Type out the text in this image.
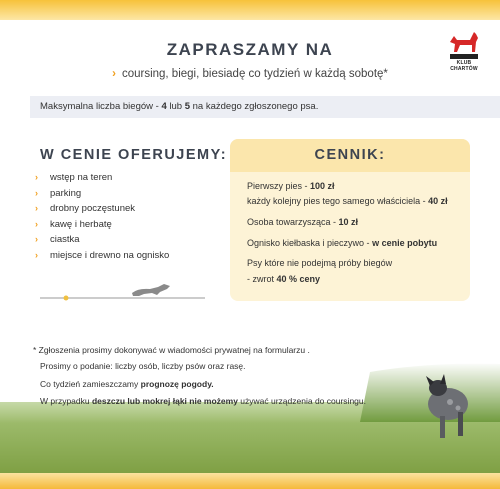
KLUB CHARTÓW
ZAPRASZAMY NA
› coursing, biegi, biesiadę co tydzień w każdą sobotę*
Maksymalna liczba biegów - 4 lub 5 na każdego zgłoszonego psa.
W CENIE OFERUJEMY:
›	wstęp na teren
›	parking
›	drobny poczęstunek
›	kawę i herbatę
›	ciastka
›	miejsce i drewno na ognisko
CENNIK:
Pierwszy pies - 100 zł
każdy kolejny pies tego samego właściciela - 40 zł
Osoba towarzysząca - 10 zł
Ognisko kiełbaska i pieczywo - w cenie pobytu
Psy które nie podejmą próby biegów
- zwrot 40 % ceny
* Zgłoszenia prosimy dokonywać w wiadomości prywatnej na formularzu .
Prosimy o podanie: liczby osób, liczby psów oraz rasę.
Co tydzień zamieszczamy prognozę pogody.
W przypadku deszczu lub mokrej łąki nie możemy używać urządzenia do coursingu.
